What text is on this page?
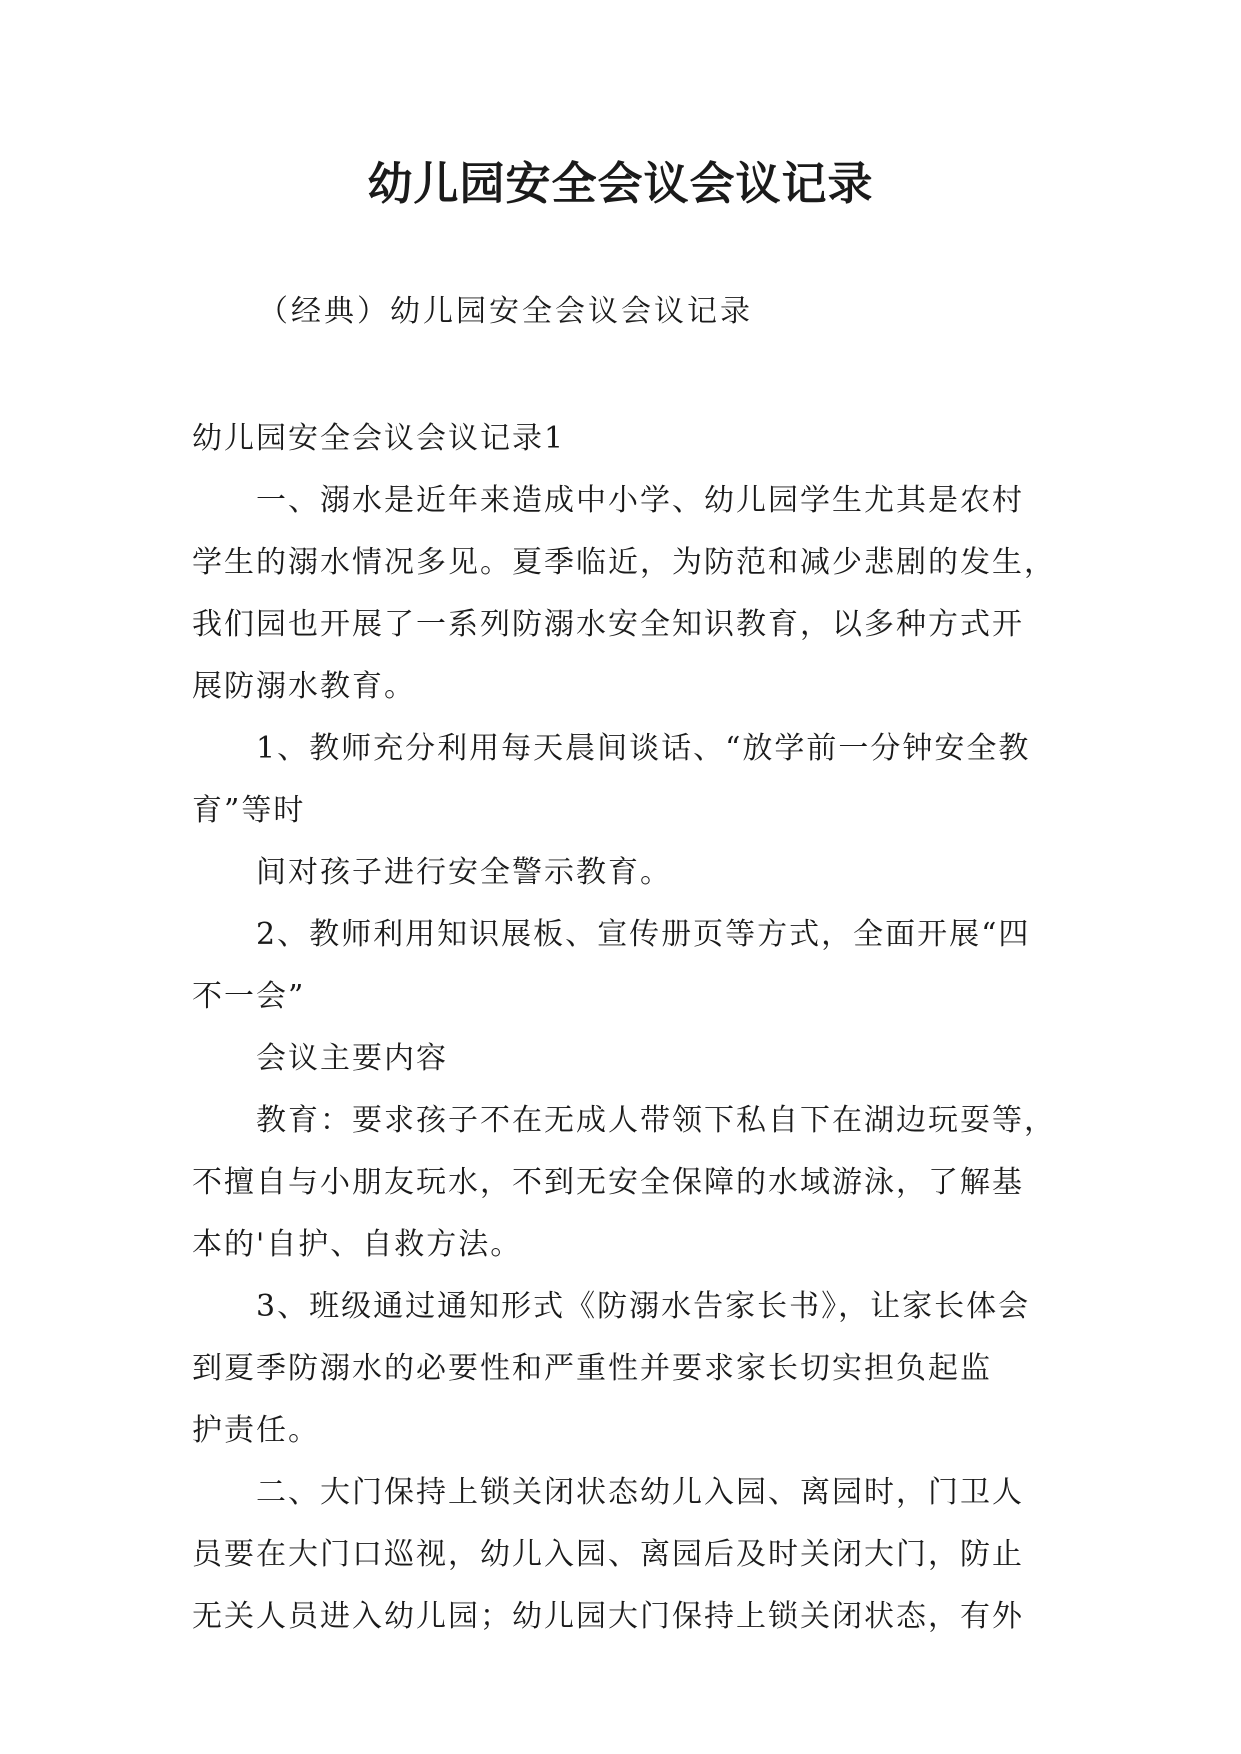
幼儿园安全会议会议记录

（经典）幼儿园安全会议会议记录

幼儿园安全会议会议记录1

一、溺水是近年来造成中小学、幼儿园学生尤其是农村
学生的溺水情况多见。夏季临近，为防范和减少悲剧的发生，
我们园也开展了一系列防溺水安全知识教育，以多种方式开
展防溺水教育。

1、教师充分利用每天晨间谈话、“放学前一分钟安全教
育”等时

间对孩子进行安全警示教育。

2、教师利用知识展板、宣传册页等方式，全面开展“四
不一会”

会议主要内容

教育：要求孩子不在无成人带领下私自下在湖边玩耍等，
不擅自与小朋友玩水，不到无安全保障的水域游泳，了解基
本的'自护、自救方法。

3、班级通过通知形式《防溺水告家长书》，让家长体会
到夏季防溺水的必要性和严重性并要求家长切实担负起监
护责任。

二、大门保持上锁关闭状态幼儿入园、离园时，门卫人
员要在大门口巡视，幼儿入园、离园后及时关闭大门，防止
无关人员进入幼儿园；幼儿园大门保持上锁关闭状态，有外
